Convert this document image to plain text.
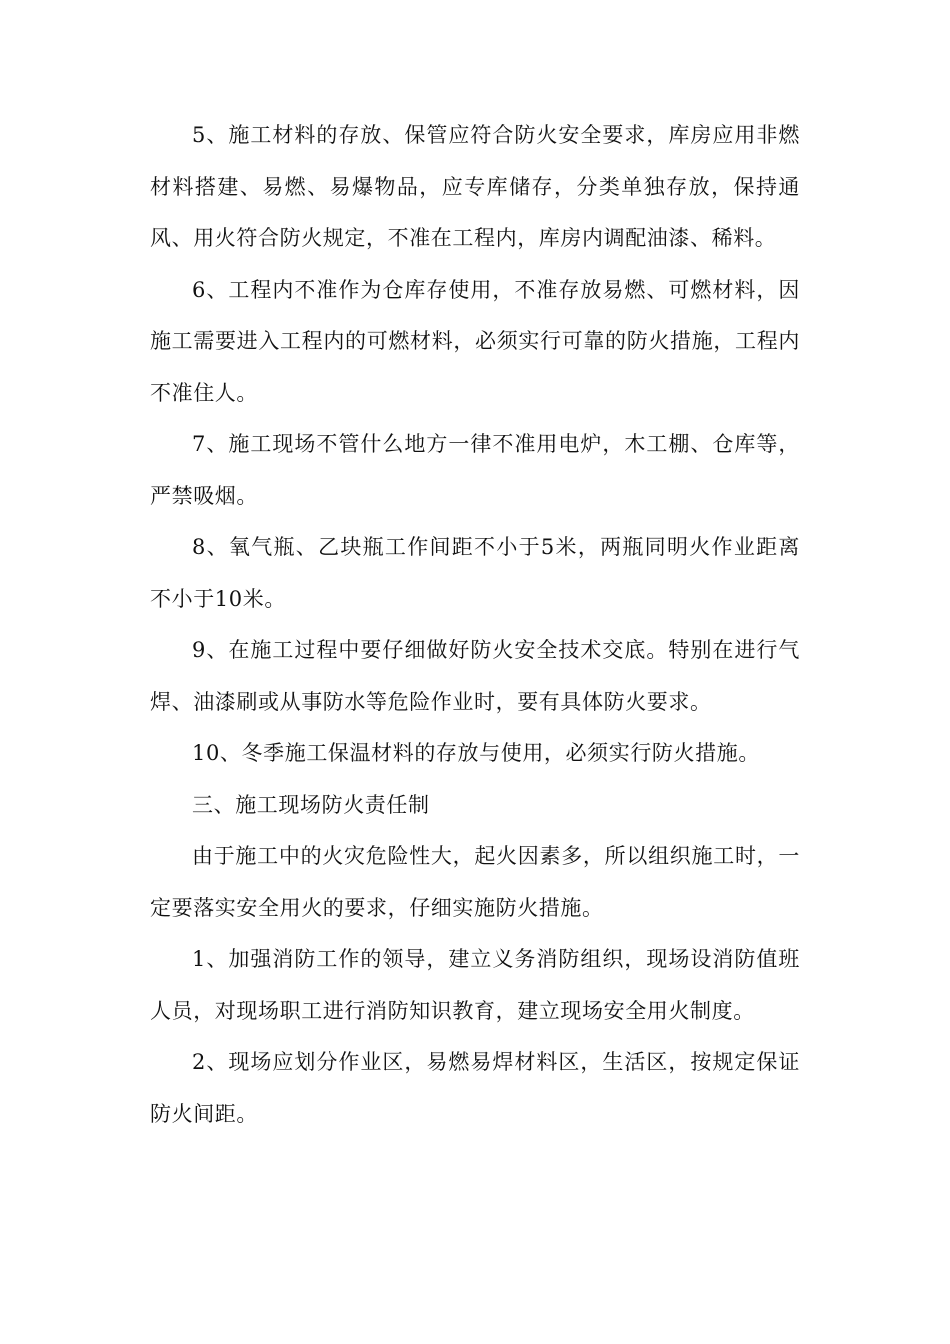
5、施工材料的存放、保管应符合防火安全要求，库房应用非燃材料搭建、易燃、易爆物品，应专库储存，分类单独存放，保持通风、用火符合防火规定，不准在工程内，库房内调配油漆、稀料。

6、工程内不准作为仓库存使用，不准存放易燃、可燃材料，因施工需要进入工程内的可燃材料，必须实行可靠的防火措施，工程内不准住人。

7、施工现场不管什么地方一律不准用电炉，木工棚、仓库等，严禁吸烟。

8、氧气瓶、乙块瓶工作间距不小于5米，两瓶同明火作业距离不小于10米。

9、在施工过程中要仔细做好防火安全技术交底。特别在进行气焊、油漆刷或从事防水等危险作业时，要有具体防火要求。

10、冬季施工保温材料的存放与使用，必须实行防火措施。

三、施工现场防火责任制

由于施工中的火灾危险性大，起火因素多，所以组织施工时，一定要落实安全用火的要求，仔细实施防火措施。

1、加强消防工作的领导，建立义务消防组织，现场设消防值班人员，对现场职工进行消防知识教育，建立现场安全用火制度。

2、现场应划分作业区，易燃易焊材料区，生活区，按规定保证防火间距。
